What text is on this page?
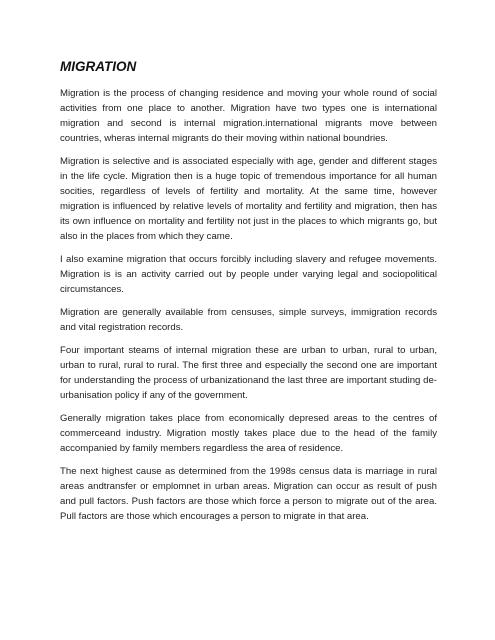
MIGRATION

Migration is the process of changing residence and moving your whole round of social activities from one place to another. Migration have two types one is international migration and second is internal migration.international migrants move between countries, wheras internal migrants do their moving within national boundries.

Migration is selective and is associated especially with age, gender and different stages in the life cycle. Migration then is a huge topic of tremendous importance for all human socities, regardless of levels of fertility and mortality. At the same time, however migration is influenced by relative levels of mortality and fertility and migration, then has its own influence on mortality and fertility not just in the places to which migrants go, but also in the places from which they came.

I also examine migration that occurs forcibly including slavery and refugee movements. Migration is is an activity carried out by people under varying legal and sociopolitical circumstances.

Migration are generally available from censuses, simple surveys, immigration records and vital registration records.

Four important steams of internal migration these are urban to urban, rural to urban, urban to rural, rural to rural. The first three and especially the second one are important for understanding the process of urbanizationand the last three are important studing de-urbanisation policy if any of the government.

Generally migration takes place from economically depresed areas to the centres of commerceand industry. Migration mostly takes place due to the head of the family accompanied by family members regardless the area of residence.

The next highest cause as determined from the 1998s census data is marriage in rural areas andtransfer or emplomnet in urban areas. Migration can occur as result of push and pull factors. Push factors are those which force a person to migrate out of the area. Pull factors are those which encourages a person to migrate in that area.
